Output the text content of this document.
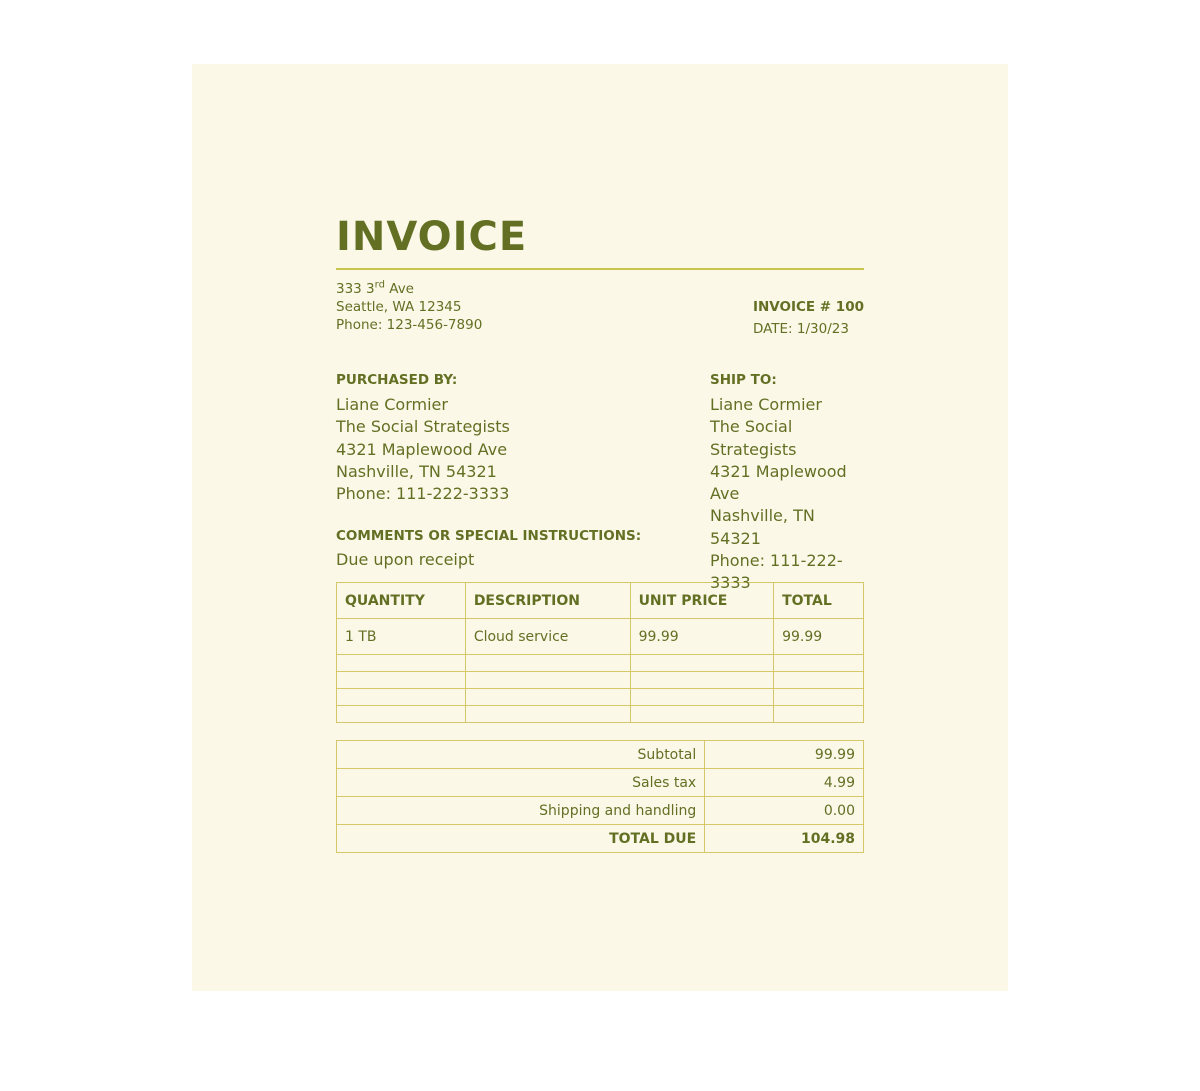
INVOICE
333 3rd Ave
Seattle, WA 12345
Phone: 123-456-7890
INVOICE # 100
DATE: 1/30/23
PURCHASED BY:
Liane Cormier
The Social Strategists
4321 Maplewood Ave
Nashville, TN 54321
Phone: 111-222-3333
SHIP TO:
Liane Cormier
The Social Strategists
4321 Maplewood Ave
Nashville, TN 54321
Phone: 111-222-3333
COMMENTS OR SPECIAL INSTRUCTIONS:
Due upon receipt
QUANTITY	DESCRIPTION	UNIT PRICE	TOTAL
1 TB	Cloud service	99.99	99.99

Subtotal	99.99
Sales tax	4.99
Shipping and handling	0.00
TOTAL DUE	104.98
